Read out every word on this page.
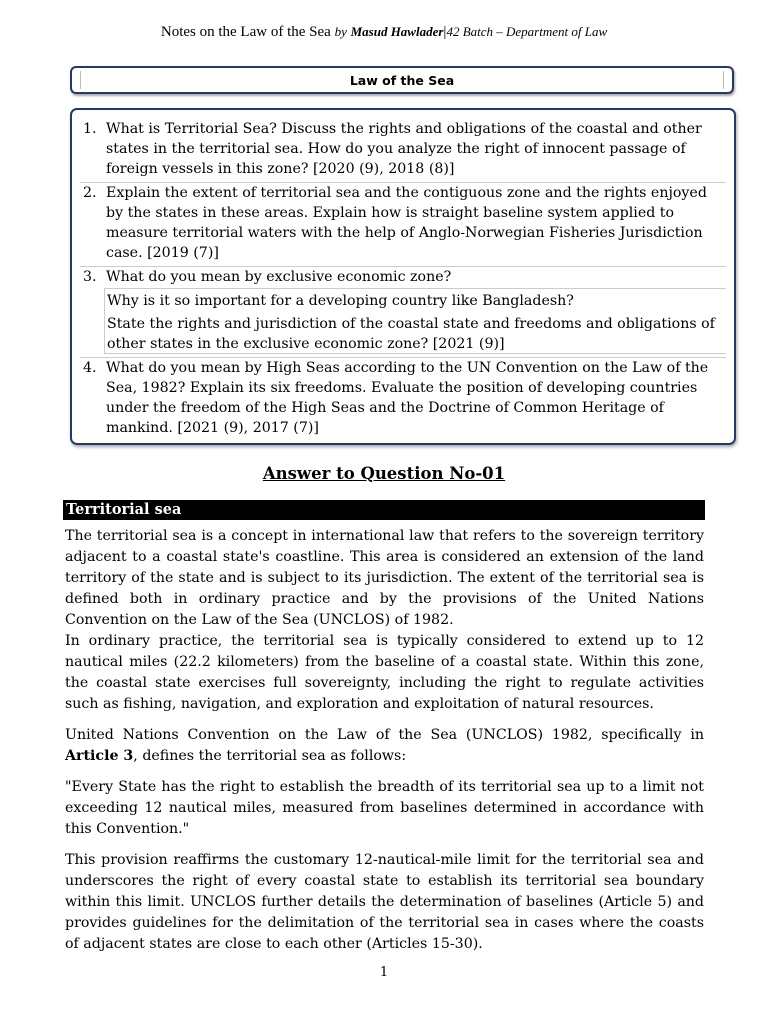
Notes on the Law of the Sea by Masud Hawlader|42 Batch – Department of Law
Law of the Sea
1. What is Territorial Sea? Discuss the rights and obligations of the coastal and other states in the territorial sea. How do you analyze the right of innocent passage of foreign vessels in this zone? [2020 (9), 2018 (8)]
2. Explain the extent of territorial sea and the contiguous zone and the rights enjoyed by the states in these areas. Explain how is straight baseline system applied to measure territorial waters with the help of Anglo-Norwegian Fisheries Jurisdiction case. [2019 (7)]
3. What do you mean by exclusive economic zone?
Why is it so important for a developing country like Bangladesh?
State the rights and jurisdiction of the coastal state and freedoms and obligations of other states in the exclusive economic zone? [2021 (9)]
4. What do you mean by High Seas according to the UN Convention on the Law of the Sea, 1982? Explain its six freedoms. Evaluate the position of developing countries under the freedom of the High Seas and the Doctrine of Common Heritage of mankind. [2021 (9), 2017 (7)]
Answer to Question No-01
Territorial sea

The territorial sea is a concept in international law that refers to the sovereign territory adjacent to a coastal state's coastline. This area is considered an extension of the land territory of the state and is subject to its jurisdiction. The extent of the territorial sea is defined both in ordinary practice and by the provisions of the United Nations Convention on the Law of the Sea (UNCLOS) of 1982.

In ordinary practice, the territorial sea is typically considered to extend up to 12 nautical miles (22.2 kilometers) from the baseline of a coastal state. Within this zone, the coastal state exercises full sovereignty, including the right to regulate activities such as fishing, navigation, and exploration and exploitation of natural resources.

United Nations Convention on the Law of the Sea (UNCLOS) 1982, specifically in Article 3, defines the territorial sea as follows:

"Every State has the right to establish the breadth of its territorial sea up to a limit not exceeding 12 nautical miles, measured from baselines determined in accordance with this Convention."

This provision reaffirms the customary 12-nautical-mile limit for the territorial sea and underscores the right of every coastal state to establish its territorial sea boundary within this limit. UNCLOS further details the determination of baselines (Article 5) and provides guidelines for the delimitation of the territorial sea in cases where the coasts of adjacent states are close to each other (Articles 15-30).

1
